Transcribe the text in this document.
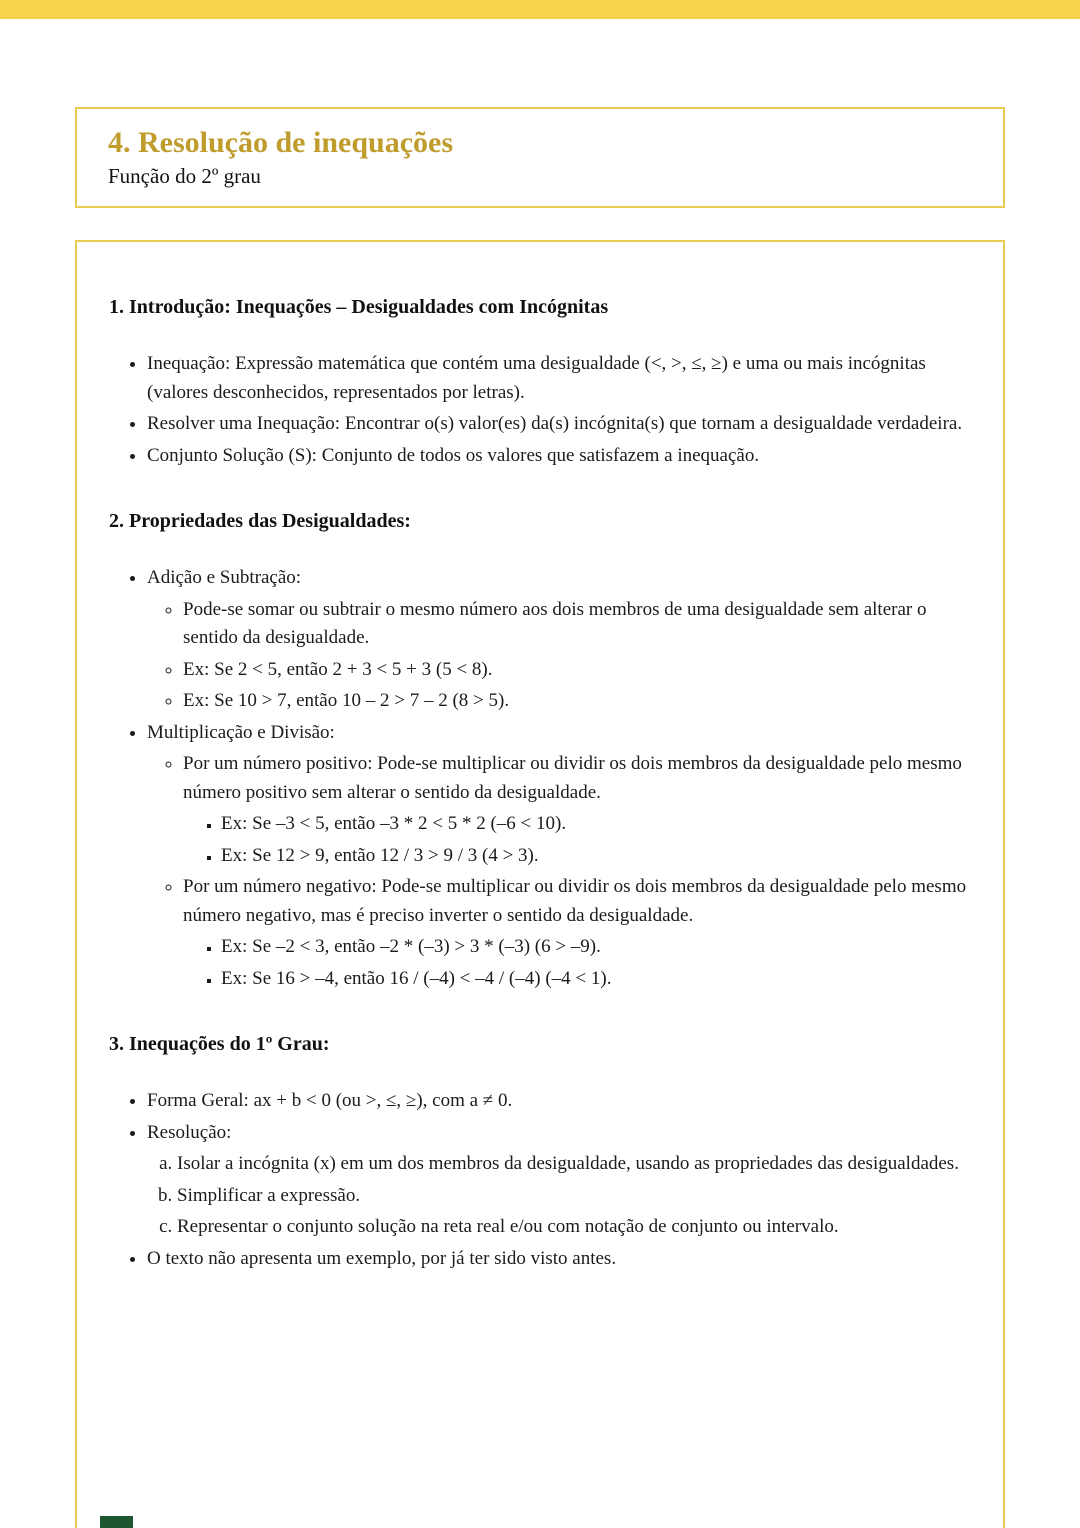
4. Resolução de inequações

Função do 2º grau

1. Introdução: Inequações – Desigualdades com Incógnitas
• Inequação: Expressão matemática que contém uma desigualdade (<, >, ≤, ≥) e uma ou mais incógnitas (valores desconhecidos, representados por letras).
• Resolver uma Inequação: Encontrar o(s) valor(es) da(s) incógnita(s) que tornam a desigualdade verdadeira.
• Conjunto Solução (S): Conjunto de todos os valores que satisfazem a inequação.
2. Propriedades das Desigualdades:
• Adição e Subtração:
◦ Pode-se somar ou subtrair o mesmo número aos dois membros de uma desigualdade sem alterar o sentido da desigualdade.
◦ Ex: Se 2 < 5, então 2 + 3 < 5 + 3 (5 < 8).
◦ Ex: Se 10 > 7, então 10 – 2 > 7 – 2 (8 > 5).
• Multiplicação e Divisão:
◦ Por um número positivo: Pode-se multiplicar ou dividir os dois membros da desigualdade pelo mesmo número positivo sem alterar o sentido da desigualdade.
▪ Ex: Se –3 < 5, então –3 * 2 < 5 * 2 (–6 < 10).
▪ Ex: Se 12 > 9, então 12 / 3 > 9 / 3 (4 > 3).
◦ Por um número negativo: Pode-se multiplicar ou dividir os dois membros da desigualdade pelo mesmo número negativo, mas é preciso inverter o sentido da desigualdade.
▪ Ex: Se –2 < 3, então –2 * (–3) > 3 * (–3) (6 > –9).
▪ Ex: Se 16 > –4, então 16 / (–4) < –4 / (–4) (–4 < 1).
3. Inequações do 1º Grau:
• Forma Geral: ax + b < 0 (ou >, ≤, ≥), com a ≠ 0.
• Resolução:
a. Isolar a incógnita (x) em um dos membros da desigualdade, usando as propriedades das desigualdades.
b. Simplificar a expressão.
c. Representar o conjunto solução na reta real e/ou com notação de conjunto ou intervalo.
• O texto não apresenta um exemplo, por já ter sido visto antes.
